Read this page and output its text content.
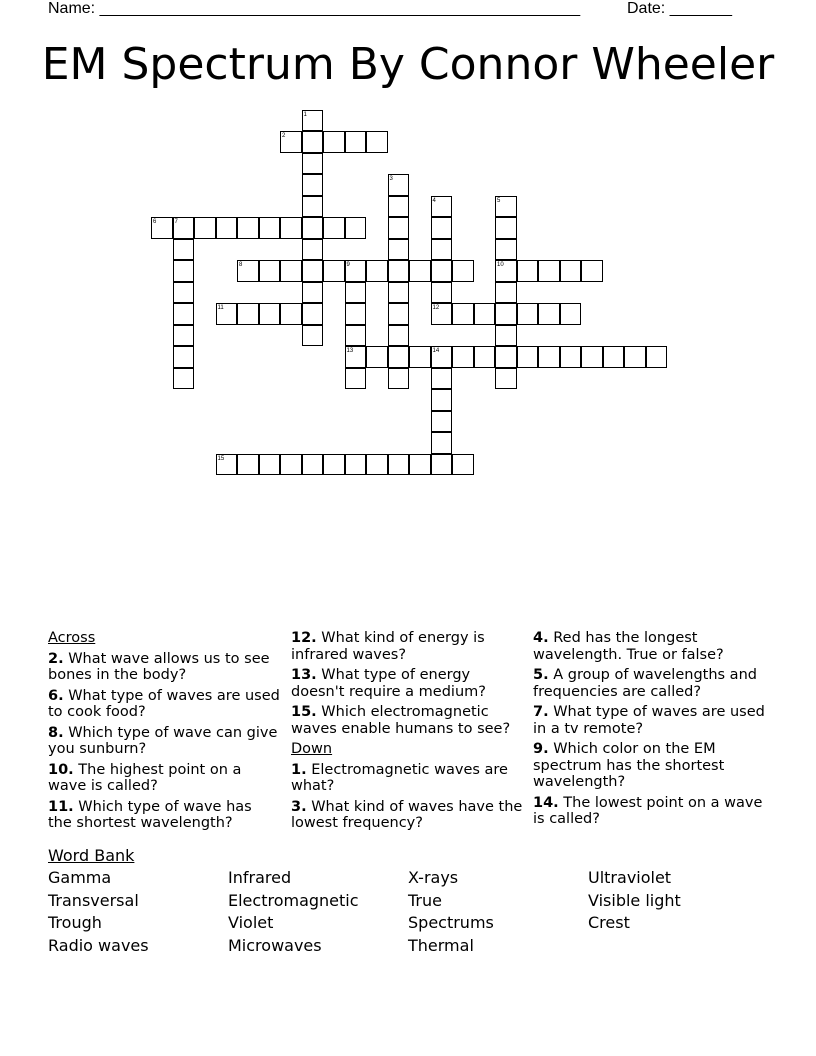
Name: ______________________________________________________	Date: _______
EM Spectrum By Connor Wheeler
1
2
3
4	5
6	7
8	9	10
11	12
13	14
15
Across
2. What wave allows us to see bones in the body?
6. What type of waves are used to cook food?
8. Which type of wave can give you sunburn?
10. The highest point on a wave is called?
11. Which type of wave has the shortest wavelength?
12. What kind of energy is infrared waves?
13. What type of energy doesn't require a medium?
15. Which electromagnetic waves enable humans to see?
Down
1. Electromagnetic waves are what?
3. What kind of waves have the lowest frequency?
4. Red has the longest wavelength. True or false?
5. A group of wavelengths and frequencies are called?
7. What type of waves are used in a tv remote?
9. Which color on the EM spectrum has the shortest wavelength?
14. The lowest point on a wave is called?
Word Bank
Gamma	Infrared	X-rays	Ultraviolet
Transversal	Electromagnetic	True	Visible light
Trough	Violet	Spectrums	Crest
Radio waves	Microwaves	Thermal
